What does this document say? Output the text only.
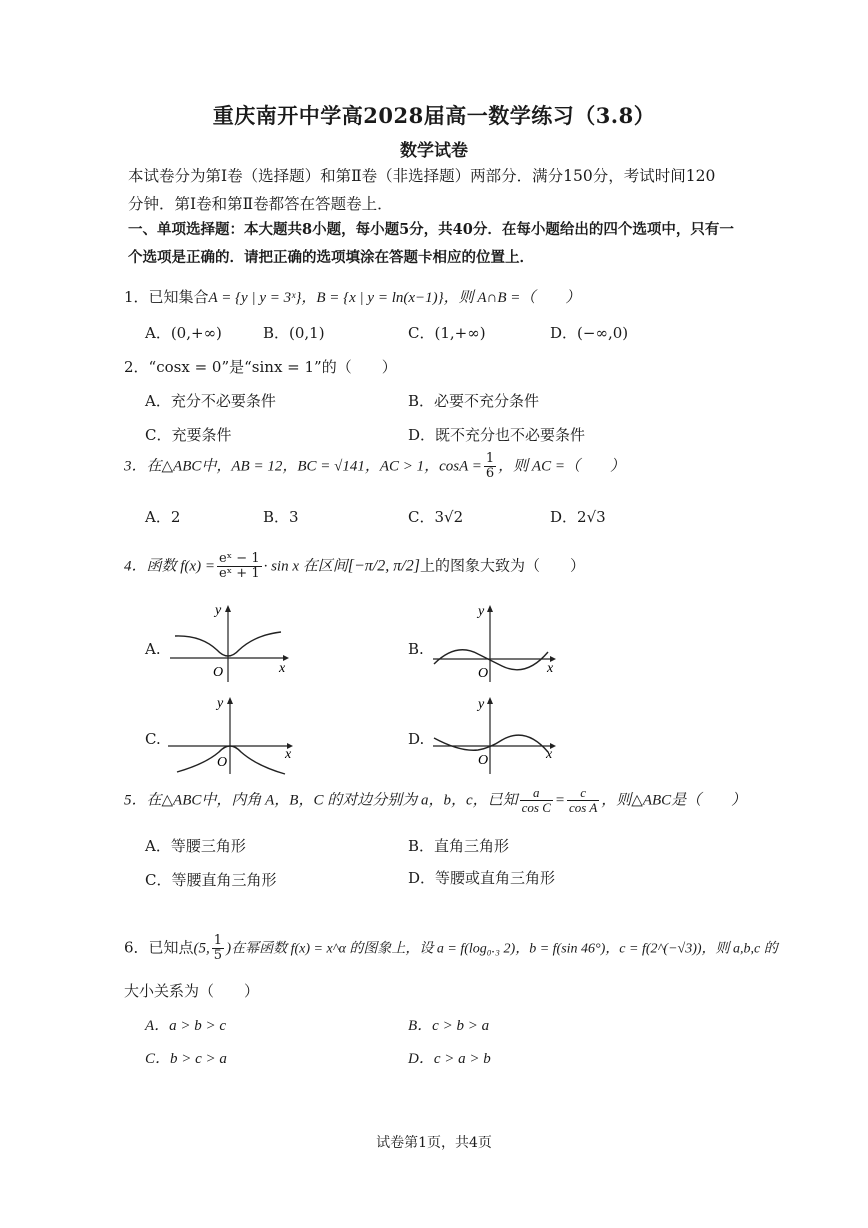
重庆南开中学高2028届高一数学练习（3.8）
数学试卷
本试卷分为第Ⅰ卷（选择题）和第Ⅱ卷（非选择题）两部分．满分150分，考试时间120
分钟．第Ⅰ卷和第Ⅱ卷都答在答题卷上．
一、单项选择题：本大题共8小题，每小题5分，共40分．在每小题给出的四个选项中，只有一
个选项是正确的．请把正确的选项填涂在答题卡相应的位置上．
1．已知集合A = {y | y = 3ˣ}，B = {x | y = ln(x−1)}，则 A∩B =（　　）
A．(0,+∞)	B．(0,1)	C．(1,+∞)	D．(−∞,0)
2．“cosx = 0”是“sinx = 1”的（　　）
A．充分不必要条件	B．必要不充分条件
C．充要条件	D．既不充分也不必要条件
3．在△ABC中，AB = 12，BC = √141，AC > 1，$\cos A = \frac{1}{6}$ ，则 AC =（　　）
A．2	B．3	C．3√2	D．2√3
4．函数 $f(x) = \frac{\text{eˣ − 1}}{\text{eˣ + 1}} \cdot \sin x$ 在区间[−π/2, π/2]上的图象大致为（　　）
A.	B.
C.	D.
y
x
O
y
x
O
y
x
O
y
x
O
5．在△ABC中，内角 A，B，C 的对边分别为 a，b，c，已知 $\frac{a}{\text{cos C}} = \frac{c}{\text{cos A}}$ ，则△ABC是（　　）
A．等腰三角形	B．直角三角形
C．等腰直角三角形	D．等腰或直角三角形
6．已知点(5, $\frac{1}{5}$ )在幂函数 f(x) = x^α 的图象上，设 a = f(log₀.₃ 2)，b = f(sin 46°)，c = f(2^(−√3))，则 a,b,c 的
大小关系为（　　）
A．a > b > c	B．c > b > a
C．b > c > a	D．c > a > b
试卷第1页，共4页
